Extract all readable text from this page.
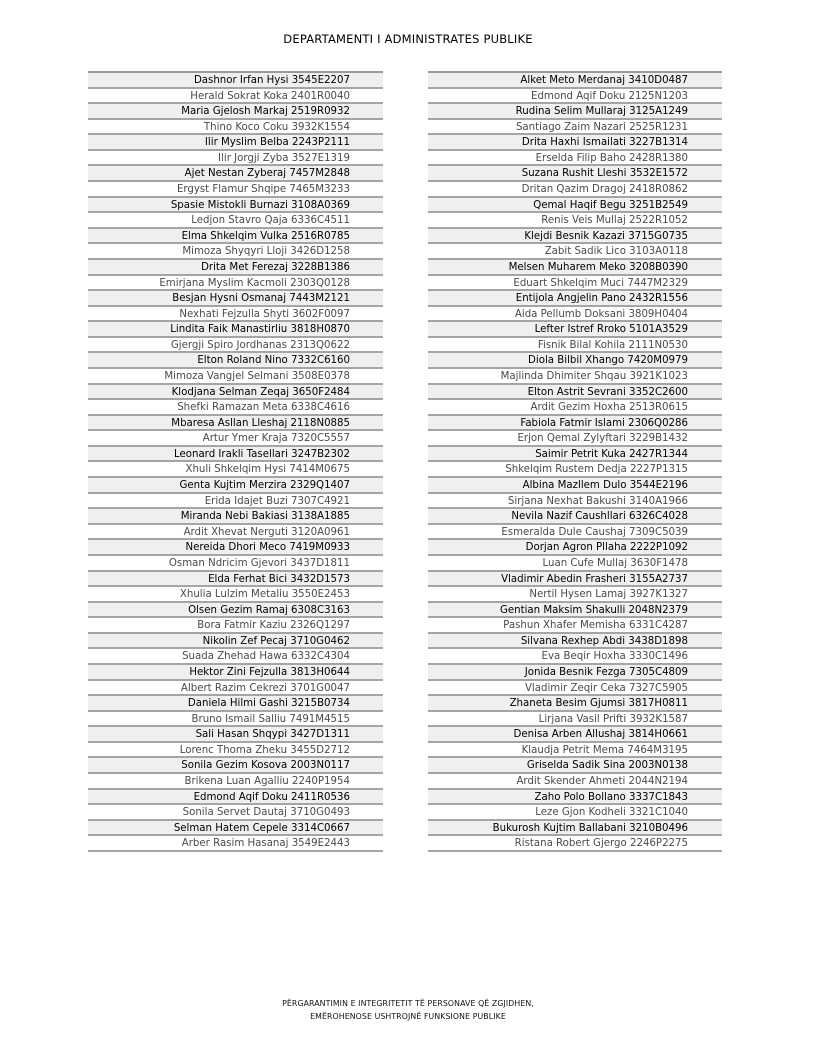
DEPARTAMENTI I ADMINISTRATES PUBLIKE
Dashnor Irfan Hysi 3545E2207
Herald Sokrat Koka 2401R0040
Maria Gjelosh Markaj 2519R0932
Thino Koco Coku 3932K1554
Ilir Myslim Belba 2243P2111
Ilir Jorgji Zyba 3527E1319
Ajet Nestan Zyberaj 7457M2848
Ergyst Flamur Shqipe 7465M3233
Spasie Mistokli Burnazi 3108A0369
Ledjon Stavro Qaja 6336C4511
Elma Shkelqim Vulka 2516R0785
Mimoza Shyqyri Lloji 3426D1258
Drita Met Ferezaj 3228B1386
Emirjana Myslim Kacmoli 2303Q0128
Besjan Hysni Osmanaj 7443M2121
Nexhati Fejzulla Shyti 3602F0097
Lindita Faik Manastirliu 3818H0870
Gjergji Spiro Jordhanas 2313Q0622
Elton Roland Nino 7332C6160
Mimoza Vangjel Selmani 3508E0378
Klodjana Selman Zeqaj 3650F2484
Shefki Ramazan Meta 6338C4616
Mbaresa Asllan Lleshaj 2118N0885
Artur Ymer Kraja 7320C5557
Leonard Irakli Tasellari 3247B2302
Xhuli Shkelqim Hysi 7414M0675
Genta Kujtim Merzira 2329Q1407
Erida Idajet Buzi 7307C4921
Miranda Nebi Bakiasi 3138A1885
Ardit Xhevat Nerguti 3120A0961
Nereida Dhori Meco 7419M0933
Osman Ndricim Gjevori 3437D1811
Elda Ferhat Bici 3432D1573
Xhulia Lulzim Metaliu 3550E2453
Olsen Gezim Ramaj 6308C3163
Bora Fatmir Kaziu 2326Q1297
Nikolin Zef Pecaj 3710G0462
Suada Zhehad Hawa 6332C4304
Hektor Zini Fejzulla 3813H0644
Albert Razim Cekrezi 3701G0047
Daniela Hilmi Gashi 3215B0734
Bruno Ismail Salliu 7491M4515
Sali Hasan Shqypi 3427D1311
Lorenc Thoma Zheku 3455D2712
Sonila Gezim Kosova 2003N0117
Brikena Luan Agalliu 2240P1954
Edmond Aqif Doku 2411R0536
Sonila Servet Dautaj 3710G0493
Selman Hatem Cepele 3314C0667
Arber Rasim Hasanaj 3549E2443
Alket Meto Merdanaj 3410D0487
Edmond Aqif Doku 2125N1203
Rudina Selim Mullaraj 3125A1249
Santiago Zaim Nazari 2525R1231
Drita Haxhi Ismailati 3227B1314
Erselda Filip Baho 2428R1380
Suzana Rushit Lleshi 3532E1572
Dritan Qazim Dragoj 2418R0862
Qemal Haqif Begu 3251B2549
Renis Veis Mullaj 2522R1052
Klejdi Besnik Kazazi 3715G0735
Zabit Sadik Lico 3103A0118
Melsen Muharem Meko 3208B0390
Eduart Shkelqim Muci 7447M2329
Entijola Angjelin Pano 2432R1556
Aida Pellumb Doksani 3809H0404
Lefter Istref Rroko 5101A3529
Fisnik Bilal Kohila 2111N0530
Diola Bilbil Xhango 7420M0979
Majlinda Dhimiter Shqau 3921K1023
Elton Astrit Sevrani 3352C2600
Ardit Gezim Hoxha 2513R0615
Fabiola Fatmir Islami 2306Q0286
Erjon Qemal Zylyftari 3229B1432
Saimir Petrit Kuka 2427R1344
Shkelqim Rustem Dedja 2227P1315
Albina Mazllem Dulo 3544E2196
Sirjana Nexhat Bakushi 3140A1966
Nevila Nazif Caushllari 6326C4028
Esmeralda Dule Caushaj 7309C5039
Dorjan Agron Pllaha 2222P1092
Luan Cufe Mullaj 3630F1478
Vladimir Abedin Frasheri 3155A2737
Nertil Hysen Lamaj 3927K1327
Gentian Maksim Shakulli 2048N2379
Pashun Xhafer Memisha 6331C4287
Silvana Rexhep Abdi 3438D1898
Eva Beqir Hoxha 3330C1496
Jonida Besnik Fezga 7305C4809
Vladimir Zeqir Ceka 7327C5905
Zhaneta Besim Gjumsi 3817H0811
Lirjana Vasil Prifti 3932K1587
Denisa Arben Allushaj 3814H0661
Klaudja Petrit Mema 7464M3195
Griselda Sadik Sina 2003N0138
Ardit Skender Ahmeti 2044N2194
Zaho Polo Bollano 3337C1843
Leze Gjon Kodheli 3321C1040
Bukurosh Kujtim Ballabani 3210B0496
Ristana Robert Gjergo 2246P2275
PËRGARANTIMIN E INTEGRITETIT TË PERSONAVE QË ZGJIDHEN,
EMËROHENOSE USHTROJNË FUNKSIONE PUBLIKE
